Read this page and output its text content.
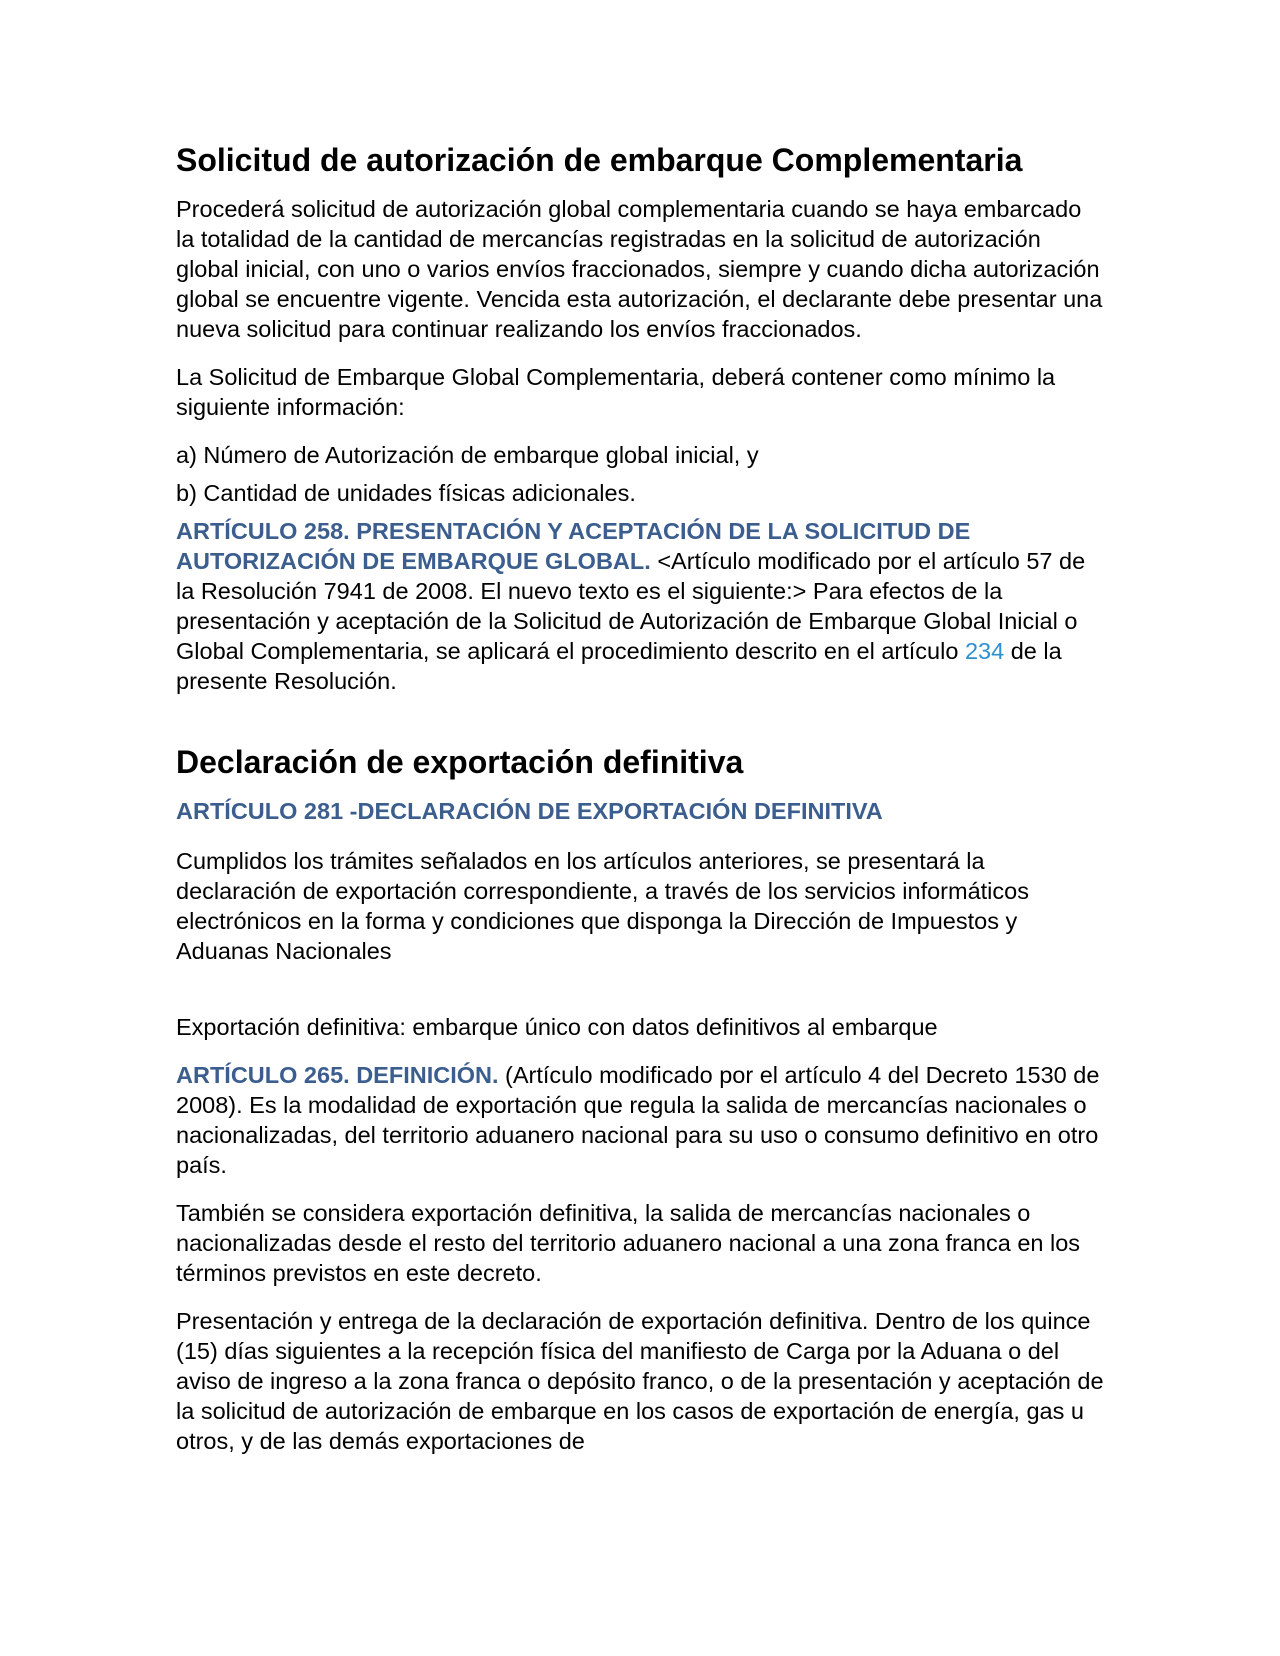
Solicitud de autorización de embarque Complementaria
Procederá solicitud de autorización global complementaria cuando se haya embarcado la totalidad de la cantidad de mercancías registradas en la solicitud de autorización global inicial, con uno o varios envíos fraccionados, siempre y cuando dicha autorización global se encuentre vigente. Vencida esta autorización, el declarante debe presentar una nueva solicitud para continuar realizando los envíos fraccionados.
La Solicitud de Embarque Global Complementaria, deberá contener como mínimo la siguiente información:
a) Número de Autorización de embarque global inicial, y
b) Cantidad de unidades físicas adicionales.
ARTÍCULO 258. PRESENTACIÓN Y ACEPTACIÓN DE LA SOLICITUD DE AUTORIZACIÓN DE EMBARQUE GLOBAL. <Artículo modificado por el artículo 57 de la Resolución 7941 de 2008. El nuevo texto es el siguiente:> Para efectos de la presentación y aceptación de la Solicitud de Autorización de Embarque Global Inicial o Global Complementaria, se aplicará el procedimiento descrito en el artículo 234 de la presente Resolución.
Declaración de exportación definitiva
ARTÍCULO 281 -DECLARACIÓN DE EXPORTACIÓN DEFINITIVA
Cumplidos los trámites señalados en los artículos anteriores, se presentará la declaración de exportación correspondiente, a través de los servicios informáticos electrónicos en la forma y condiciones que disponga la Dirección de Impuestos y Aduanas Nacionales
Exportación definitiva: embarque único con datos definitivos al embarque
ARTÍCULO 265. DEFINICIÓN. (Artículo modificado por el artículo 4 del Decreto 1530 de 2008). Es la modalidad de exportación que regula la salida de mercancías nacionales o nacionalizadas, del territorio aduanero nacional para su uso o consumo definitivo en otro país.
También se considera exportación definitiva, la salida de mercancías nacionales o nacionalizadas desde el resto del territorio aduanero nacional a una zona franca en los términos previstos en este decreto.
Presentación y entrega de la declaración de exportación definitiva. Dentro de los quince (15) días siguientes a la recepción física del manifiesto de Carga por la Aduana o del aviso de ingreso a la zona franca o depósito franco, o de la presentación y aceptación de la solicitud de autorización de embarque en los casos de exportación de energía, gas u otros, y de las demás exportaciones de
